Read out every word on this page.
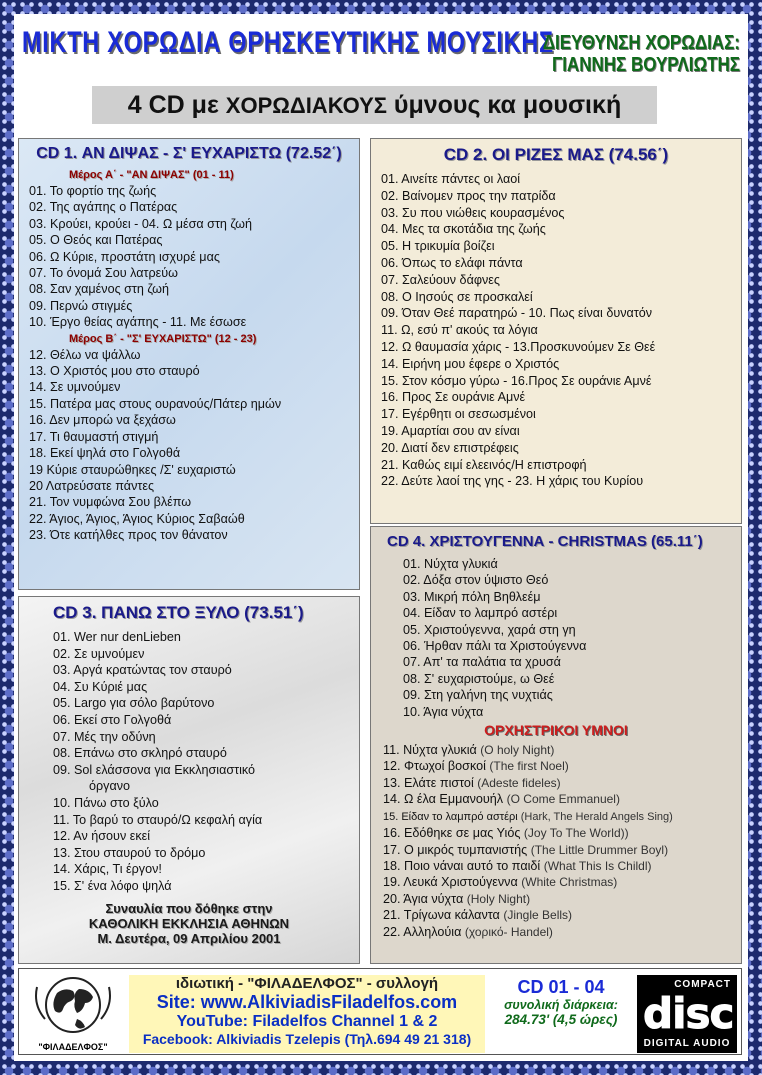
ΜΙΚΤΗ ΧΟΡΩΔΙΑ ΘΡΗΣΚΕΥΤΙΚΗΣ ΜΟΥΣΙΚΗΣ
ΔΙΕΥΘΥΝΣΗ ΧΟΡΩΔΙΑΣ:
ΓΙΑΝΝΗΣ ΒΟΥΡΛΙΩΤΗΣ
4 CD με ΧΟΡΩΔΙΑΚΟΥΣ ύμνους κα μουσική
CD 1. ΑΝ ΔΙΨΑΣ - Σ' ΕΥΧΑΡΙΣΤΩ (72.52΄)
Μέρος Α΄ - "ΑΝ ΔΙΨΑΣ" (01 - 11)
01. Το φορτίο της ζωής
02. Της αγάπης ο Πατέρας
03. Κρούει, κρούει - 04. Ω μέσα στη ζωή
05. Ο Θεός και Πατέρας
06. Ω Κύριε, προστάτη ισχυρέ μας
07. Το όνομά Σου λατρεύω
08. Σαν χαμένος στη ζωή
09. Περνώ στιγμές
10. Έργο θείας αγάπης - 11. Με έσωσε
Μέρος Β΄ - "Σ' ΕΥΧΑΡΙΣΤΩ" (12 - 23)
12. Θέλω να ψάλλω
13. Ο Χριστός μου στο σταυρό
14. Σε υμνούμεν
15. Πατέρα μας στους ουρανούς/Πάτερ ημών
16. Δεν μπορώ να ξεχάσω
17. Τι θαυμαστή στιγμή
18. Εκεί ψηλά στο Γολγοθά
19 Κύριε σταυρώθηκες /Σ' ευχαριστώ
20 Λατρεύσατε πάντες
21. Τον νυμφώνα Σου βλέπω
22. Άγιος, Άγιος, Άγιος Κύριος Σαβαώθ
23. Ότε κατήλθες προς τον θάνατον
CD 2. ΟΙ ΡΙΖΕΣ ΜΑΣ (74.56΄)
01. Αινείτε πάντες οι λαοί
02. Βαίνομεν προς την πατρίδα
03. Συ που νιώθεις κουρασμένος
04. Μες τα σκοτάδια της ζωής
05. Η τρικυμία βοίζει
06. Όπως το ελάφι πάντα
07. Σαλεύουν δάφνες
08. Ο Ιησούς σε προσκαλεί
09. Όταν Θεέ παρατηρώ - 10. Πως είναι δυνατόν
11. Ω, εσύ π' ακούς τα λόγια
12. Ω θαυμασία χάρις - 13.Προσκυνούμεν Σε Θεέ
14. Ειρήνη μου έφερε ο Χριστός
15. Στον κόσμο γύρω - 16.Προς Σε ουράνιε Αμνέ
16. Προς Σε ουράνιε Αμνέ
17. Εγέρθητι οι σεσωσμένοι
19. Αμαρτίαι σου αν είναι
20. Διατί δεν επιστρέφεις
21. Καθώς ειμί ελεεινός/Η επιστροφή
22. Δεύτε λαοί της γης - 23. Η χάρις του Κυρίου
CD 3. ΠΑΝΩ ΣΤΟ ΞΥΛΟ (73.51΄)
01. Wer nur denLieben
02. Σε υμνούμεν
03. Αργά κρατώντας τον σταυρό
04. Συ Κύριέ μας
05. Largo για σόλο βαρύτονο
06. Εκεί στο Γολγοθά
07. Μές την οδύνη
08. Επάνω στο σκληρό σταυρό
09. Sol ελάσσονα για Εκκλησιαστικό
όργανο
10. Πάνω στο ξύλο
11. Το βαρύ το σταυρό/Ω κεφαλή αγία
12. Αν ήσουν εκεί
13. Στου σταυρού το δρόμο
14. Χάρις, Τι έργον!
15. Σ' ένα λόφο ψηλά
Συναυλία που δόθηκε στην
ΚΑΘΟΛΙΚΗ ΕΚΚΛΗΣΙΑ ΑΘΗΝΩΝ
Μ. Δευτέρα, 09 Απριλίου 2001
CD 4. ΧΡΙΣΤΟΥΓΕΝΝΑ - CHRISTMAS (65.11΄)
01. Νύχτα γλυκιά
02. Δόξα στον ύψιστο Θεό
03. Μικρή πόλη Βηθλεέμ
04. Είδαν το λαμπρό αστέρι
05. Χριστούγεννα, χαρά στη γη
06. Ήρθαν πάλι τα Χριστούγεννα
07. Απ' τα παλάτια τα χρυσά
08. Σ' ευχαριστούμε, ω Θεέ
09. Στη γαλήνη της νυχτιάς
10. Άγια νύχτα
ΟΡΧΗΣΤΡΙΚΟΙ ΥΜΝΟΙ
11. Νύχτα γλυκιά (O holy Night)
12. Φτωχοί βοσκοί (The first Noel)
13. Ελάτε πιστοί (Adeste fideles)
14. Ω έλα Εμμανουήλ (O Come Emmanuel)
15. Είδαν το λαμπρό αστέρι (Hark, The Herald Angels Sing)
16. Εδόθηκε σε μας Υιός (Joy To The World))
17. Ο μικρός τυμπανιστής (The Little Drummer Boyl)
18. Ποιο νάναι αυτό το παιδί (What This Is Childl)
19. Λευκά Χριστούγεννα (White Christmas)
20. Άγια νύχτα (Holy Night)
21. Τρίγωνα κάλαντα (Jingle Bells)
22. Αλληλούια (χορικό- Handel)
"ΦΙΛΑΔΕΛΦΟΣ"
ιδιωτική - "ΦΙΛΑΔΕΛΦΟΣ" - συλλογή
Site: www.AlkiviadisFiladelfos.com
YouTube: Filadelfos Channel 1 & 2
Facebook: Alkiviadis Tzelepis (Τηλ.694 49 21 318)
CD 01 - 04
συνολική διάρκεια:
284.73' (4,5 ώρες)
COMPACT
disc
DIGITAL AUDIO
